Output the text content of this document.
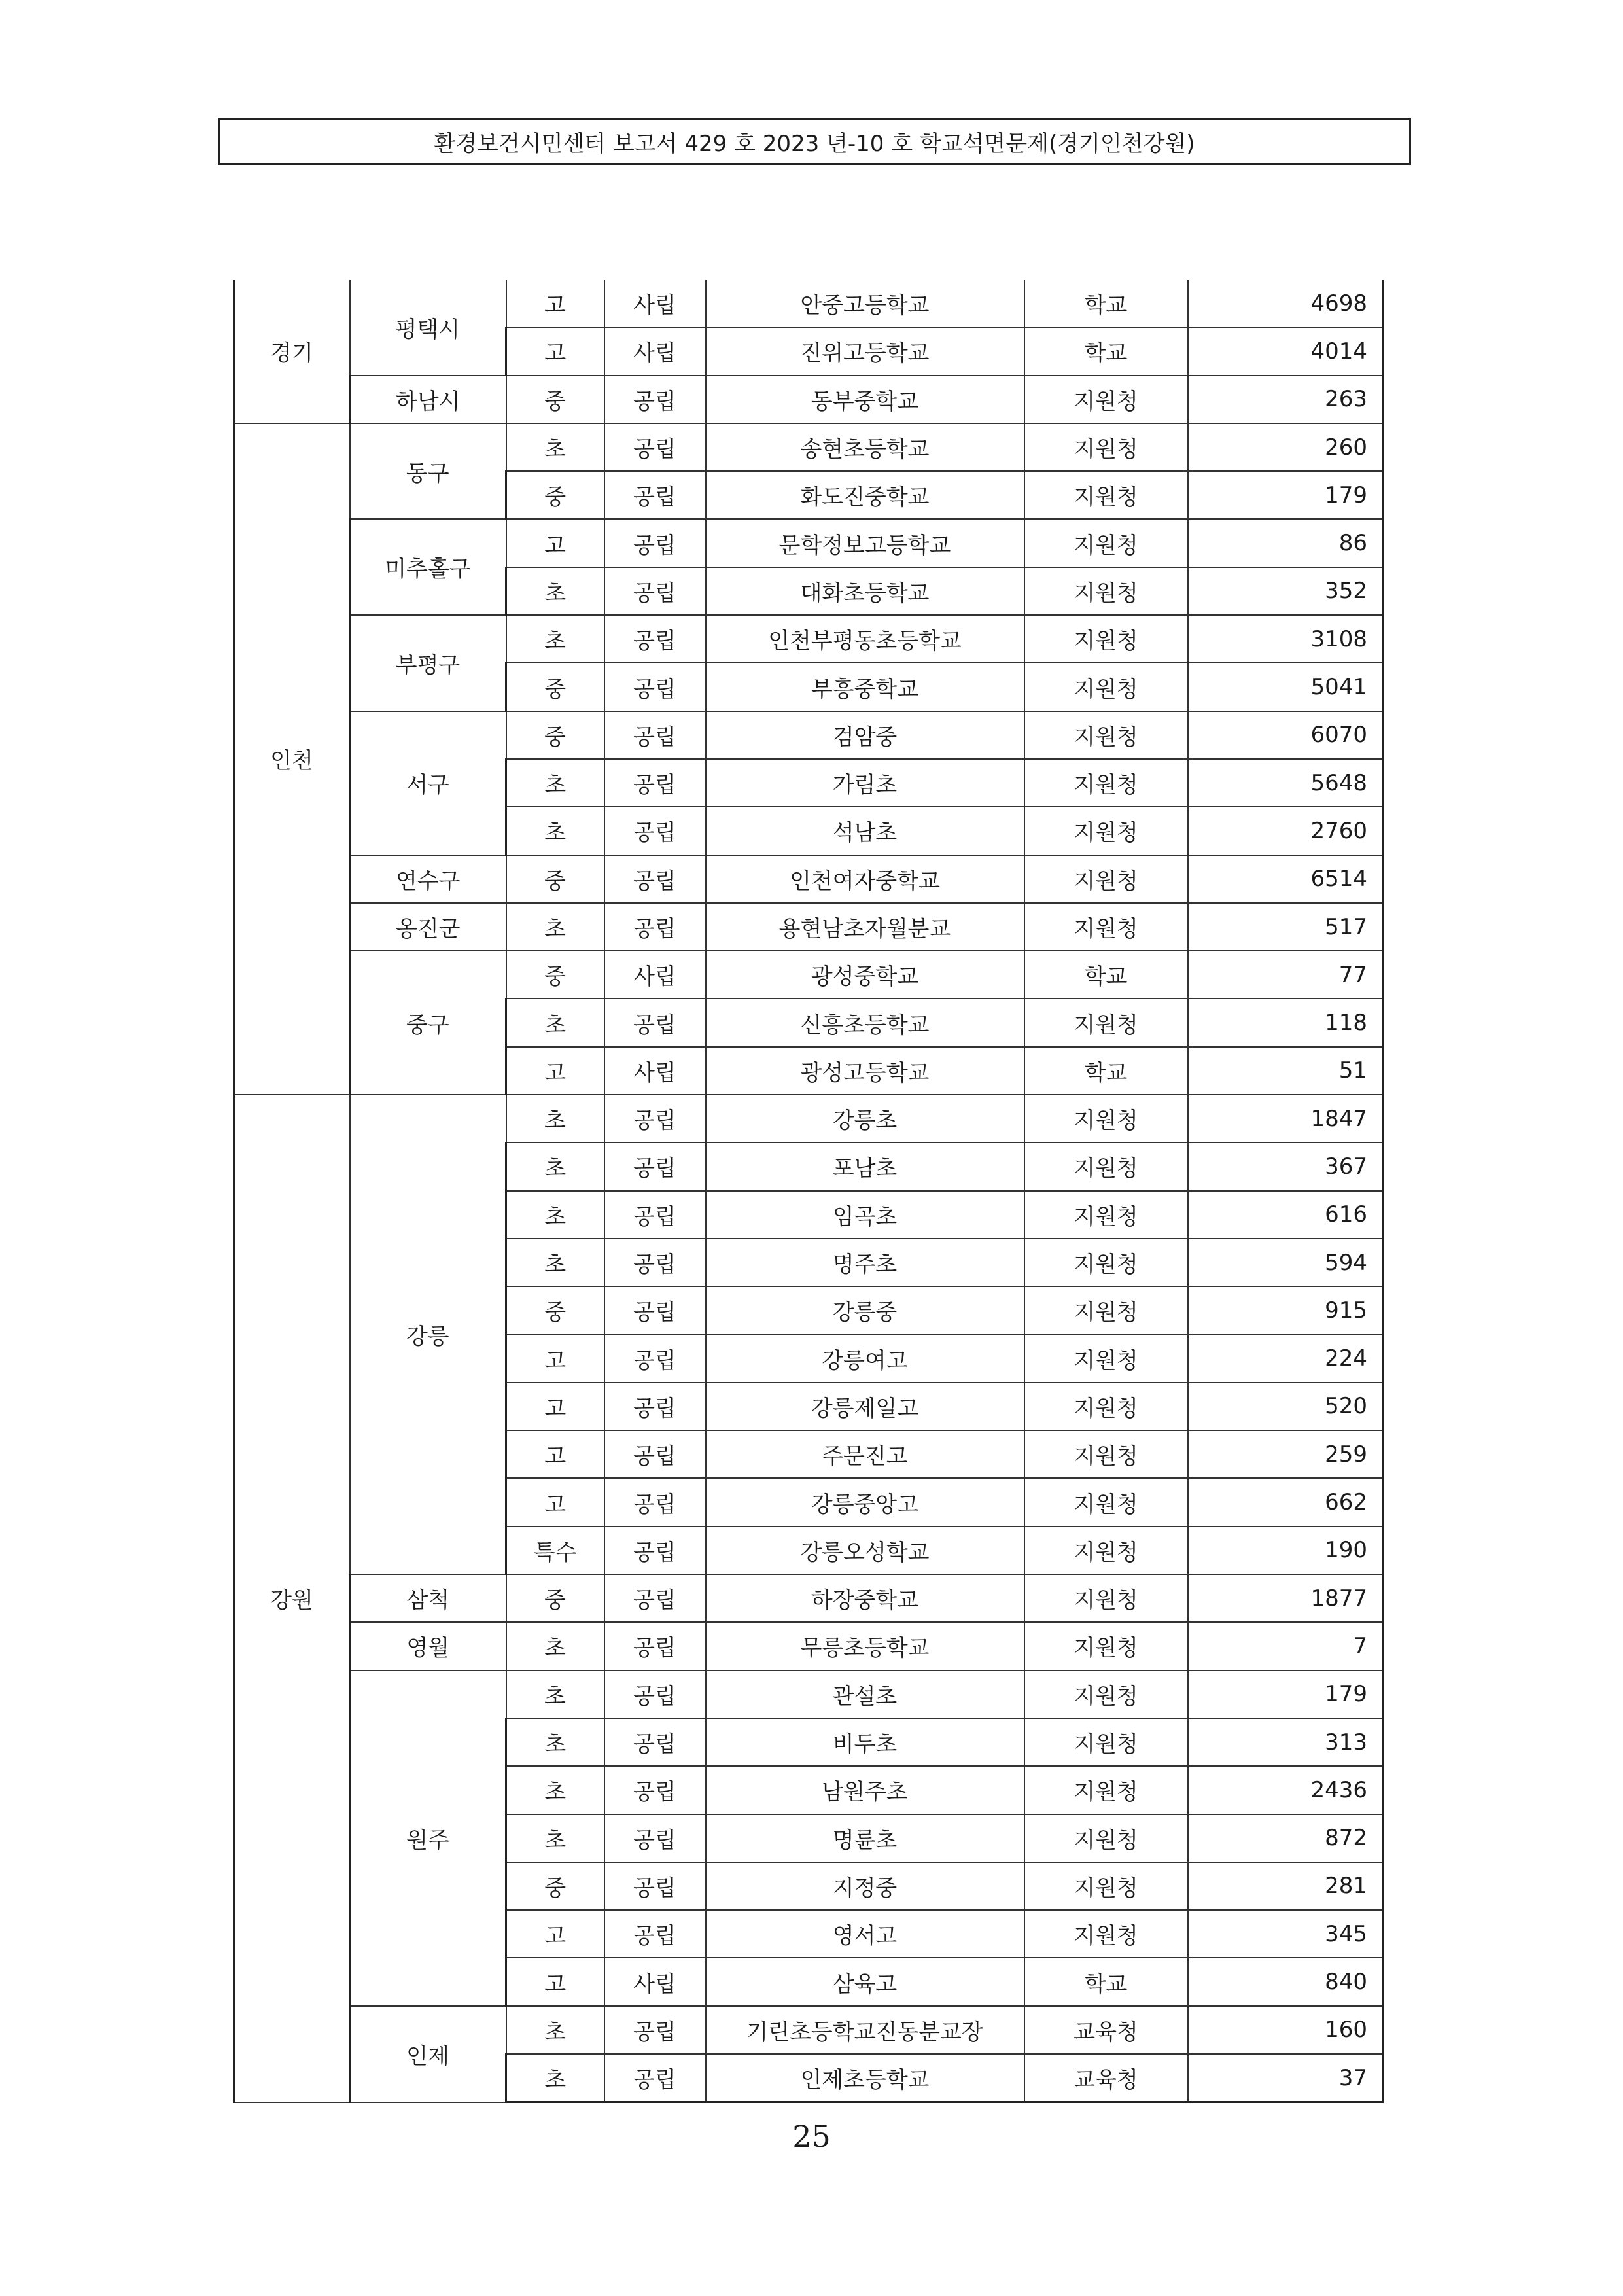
환경보건시민센터 보고서 429 호 2023 년-10 호 학교석면문제(경기인천강원)
경기	평택시	고	사립	안중고등학교	학교	4698
		고	사립	진위고등학교	학교	4014
	하남시	중	공립	동부중학교	지원청	263
인천	동구	초	공립	송현초등학교	지원청	260
		중	공립	화도진중학교	지원청	179
	미추홀구	고	공립	문학정보고등학교	지원청	86
		초	공립	대화초등학교	지원청	352
	부평구	초	공립	인천부평동초등학교	지원청	3108
		중	공립	부흥중학교	지원청	5041
	서구	중	공립	검암중	지원청	6070
		초	공립	가림초	지원청	5648
		초	공립	석남초	지원청	2760
	연수구	중	공립	인천여자중학교	지원청	6514
	옹진군	초	공립	용현남초자월분교	지원청	517
	중구	중	사립	광성중학교	학교	77
		초	공립	신흥초등학교	지원청	118
		고	사립	광성고등학교	학교	51
강원	강릉	초	공립	강릉초	지원청	1847
		초	공립	포남초	지원청	367
		초	공립	임곡초	지원청	616
		초	공립	명주초	지원청	594
		중	공립	강릉중	지원청	915
		고	공립	강릉여고	지원청	224
		고	공립	강릉제일고	지원청	520
		고	공립	주문진고	지원청	259
		고	공립	강릉중앙고	지원청	662
		특수	공립	강릉오성학교	지원청	190
	삼척	중	공립	하장중학교	지원청	1877
	영월	초	공립	무릉초등학교	지원청	7
	원주	초	공립	관설초	지원청	179
		초	공립	비두초	지원청	313
		초	공립	남원주초	지원청	2436
		초	공립	명륜초	지원청	872
		중	공립	지정중	지원청	281
		고	공립	영서고	지원청	345
		고	사립	삼육고	학교	840
	인제	초	공립	기린초등학교진동분교장	교육청	160
		초	공립	인제초등학교	교육청	37
25
